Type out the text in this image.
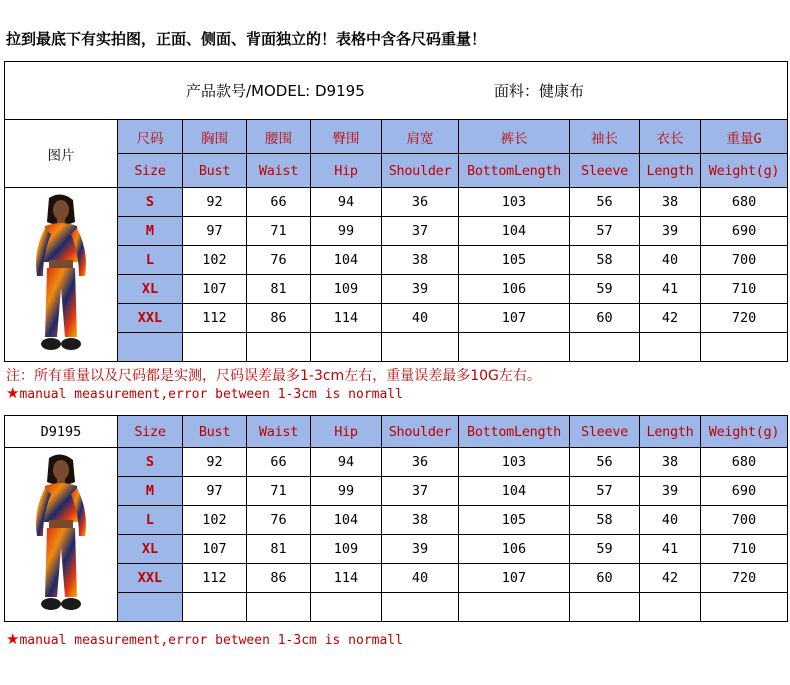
拉到最底下有实拍图，正面、侧面、背面独立的！表格中含各尺码重量！

图片	尺码	胸围	腰围	臀围	肩宽	裤长	袖长	衣长	重量G
	Size	Bust	Waist	Hip	Shoulder	BottomLength	Sleeve	Length	Weight(g)

	S	92	66	94	36	103	56	38	680
	M	97	71	99	37	104	57	39	690
	L	102	76	104	38	105	58	40	700
	XL	107	81	109	39	106	59	41	710
	XXL	112	86	114	40	107	60	42	720

产品款号/MODEL: D9195	面料：健康布
注：所有重量以及尺码都是实测，尺码误差最多1-3cm左右，重量误差最多10G左右。
★manual measurement,error between 1-3cm is normall
D9195	Size	Bust	Waist	Hip	Shoulder	BottomLength	Sleeve	Length	Weight(g)

	S	92	66	94	36	103	56	38	680
	M	97	71	99	37	104	57	39	690
	L	102	76	104	38	105	58	40	700
	XL	107	81	109	39	106	59	41	710
	XXL	112	86	114	40	107	60	42	720

★manual measurement,error between 1-3cm is normall
